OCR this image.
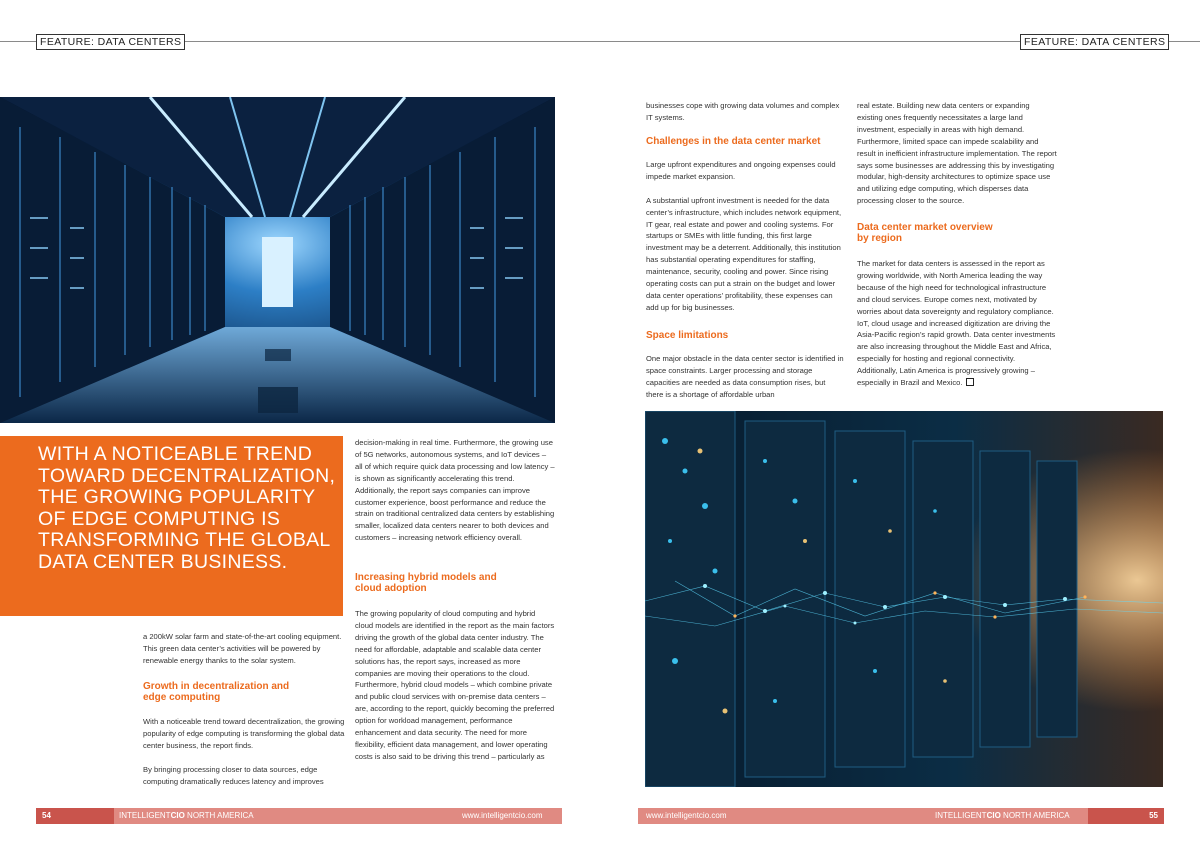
FEATURE: DATA CENTERS	FEATURE: DATA CENTERS
WITH A NOTICEABLE TREND TOWARD DECENTRALIZATION, THE GROWING POPULARITY OF EDGE COMPUTING IS TRANSFORMING THE GLOBAL DATA CENTER BUSINESS.

a 200kW solar farm and state-of-the-art cooling equipment. This green data center’s activities will be powered by renewable energy thanks to the solar system.

Growth in decentralization and edge computing

With a noticeable trend toward decentralization, the growing popularity of edge computing is transforming the global data center business, the report finds.

By bringing processing closer to data sources, edge computing dramatically reduces latency and improves

decision-making in real time. Furthermore, the growing use of 5G networks, autonomous systems, and IoT devices – all of which require quick data processing and low latency – is shown as significantly accelerating this trend. Additionally, the report says companies can improve customer experience, boost performance and reduce the strain on traditional centralized data centers by establishing smaller, localized data centers nearer to both devices and customers – increasing network efficiency overall.

Increasing hybrid models and cloud adoption

The growing popularity of cloud computing and hybrid cloud models are identified in the report as the main factors driving the growth of the global data center industry. The need for affordable, adaptable and scalable data center solutions has, the report says, increased as more companies are moving their operations to the cloud. Furthermore, hybrid cloud models – which combine private and public cloud services with on-premise data centers – are, according to the report, quickly becoming the preferred option for workload management, performance enhancement and data security. The need for more flexibility, efficient data management, and lower operating costs is also said to be driving this trend – particularly as

businesses cope with growing data volumes and complex IT systems.

Challenges in the data center market

Large upfront expenditures and ongoing expenses could impede market expansion.

A substantial upfront investment is needed for the data center’s infrastructure, which includes network equipment, IT gear, real estate and power and cooling systems. For startups or SMEs with little funding, this first large investment may be a deterrent. Additionally, this institution has substantial operating expenditures for staffing, maintenance, security, cooling and power. Since rising operating costs can put a strain on the budget and lower data center operations’ profitability, these expenses can add up for big businesses.

Space limitations

One major obstacle in the data center sector is identified in space constraints. Larger processing and storage capacities are needed as data consumption rises, but there is a shortage of affordable urban

real estate. Building new data centers or expanding existing ones frequently necessitates a large land investment, especially in areas with high demand. Furthermore, limited space can impede scalability and result in inefficient infrastructure implementation. The report says some businesses are addressing this by investigating modular, high-density architectures to optimize space use and utilizing edge computing, which disperses data processing closer to the source.

Data center market overview by region

The market for data centers is assessed in the report as growing worldwide, with North America leading the way because of the high need for technological infrastructure and cloud services. Europe comes next, motivated by worries about data sovereignty and regulatory compliance. IoT, cloud usage and increased digitization are driving the Asia-Pacific region’s rapid growth. Data center investments are also increasing throughout the Middle East and Africa, especially for hosting and regional connectivity. Additionally, Latin America is progressively growing – especially in Brazil and Mexico.

54	55
INTELLIGENTCIO NORTH AMERICA	www.intelligentcio.com	www.intelligentcio.com	INTELLIGENTCIO NORTH AMERICA
